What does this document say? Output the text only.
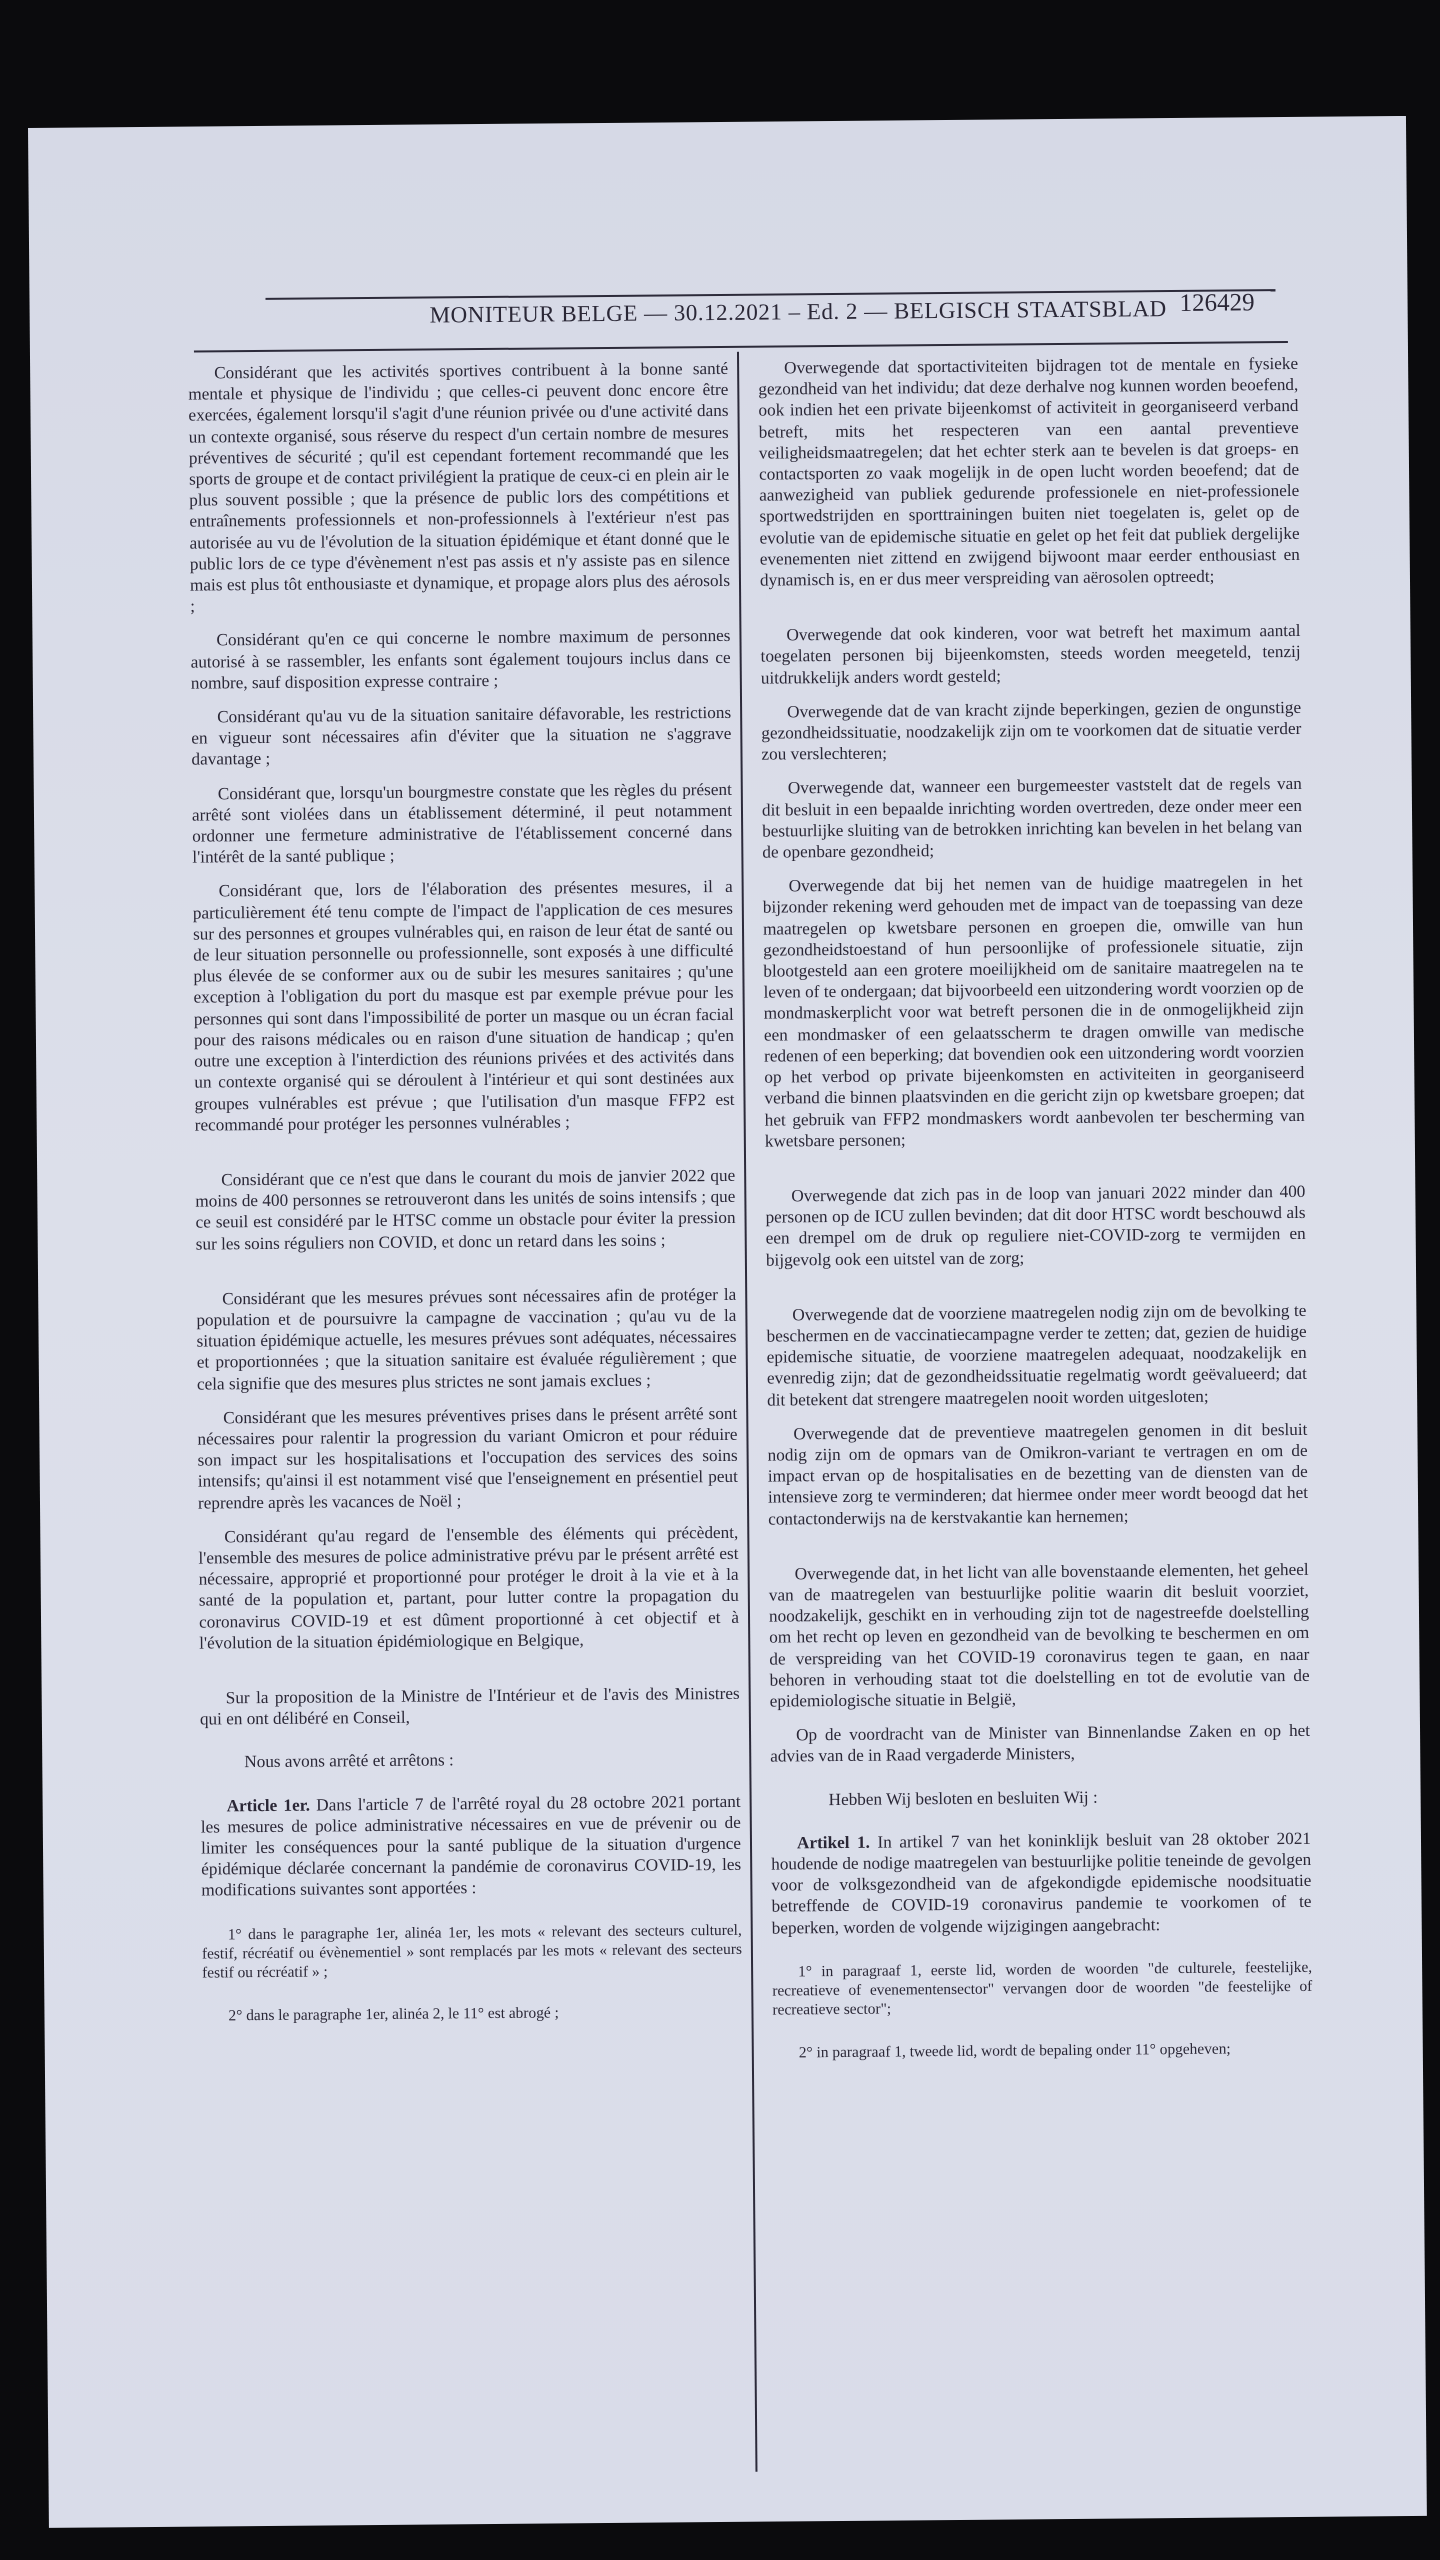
MONITEUR BELGE — 30.12.2021 – Ed. 2 — BELGISCH STAATSBLAD 126429

Considérant que les activités sportives contribuent à la bonne santé mentale et physique de l'individu ; que celles-ci peuvent donc encore être exercées, également lorsqu'il s'agit d'une réunion privée ou d'une activité dans un contexte organisé, sous réserve du respect d'un certain nombre de mesures préventives de sécurité ; qu'il est cependant fortement recommandé que les sports de groupe et de contact privilégient la pratique de ceux-ci en plein air le plus souvent possible ; que la présence de public lors des compétitions et entraînements professionnels et non-professionnels à l'extérieur n'est pas autorisée au vu de l'évolution de la situation épidémique et étant donné que le public lors de ce type d'évènement n'est pas assis et n'y assiste pas en silence mais est plus tôt enthousiaste et dynamique, et propage alors plus des aérosols ;

Considérant qu'en ce qui concerne le nombre maximum de personnes autorisé à se rassembler, les enfants sont également toujours inclus dans ce nombre, sauf disposition expresse contraire ;

Considérant qu'au vu de la situation sanitaire défavorable, les restrictions en vigueur sont nécessaires afin d'éviter que la situation ne s'aggrave davantage ;

Considérant que, lorsqu'un bourgmestre constate que les règles du présent arrêté sont violées dans un établissement déterminé, il peut notamment ordonner une fermeture administrative de l'établissement concerné dans l'intérêt de la santé publique ;

Considérant que, lors de l'élaboration des présentes mesures, il a particulièrement été tenu compte de l'impact de l'application de ces mesures sur des personnes et groupes vulnérables qui, en raison de leur état de santé ou de leur situation personnelle ou professionnelle, sont exposés à une difficulté plus élevée de se conformer aux ou de subir les mesures sanitaires ; qu'une exception à l'obligation du port du masque est par exemple prévue pour les personnes qui sont dans l'impossibilité de porter un masque ou un écran facial pour des raisons médicales ou en raison d'une situation de handicap ; qu'en outre une exception à l'interdiction des réunions privées et des activités dans un contexte organisé qui se déroulent à l'intérieur et qui sont destinées aux groupes vulnérables est prévue ; que l'utilisation d'un masque FFP2 est recommandé pour protéger les personnes vulnérables ;

Considérant que ce n'est que dans le courant du mois de janvier 2022 que moins de 400 personnes se retrouveront dans les unités de soins intensifs ; que ce seuil est considéré par le HTSC comme un obstacle pour éviter la pression sur les soins réguliers non COVID, et donc un retard dans les soins ;

Considérant que les mesures prévues sont nécessaires afin de protéger la population et de poursuivre la campagne de vaccination ; qu'au vu de la situation épidémique actuelle, les mesures prévues sont adéquates, nécessaires et proportionnées ; que la situation sanitaire est évaluée régulièrement ; que cela signifie que des mesures plus strictes ne sont jamais exclues ;

Considérant que les mesures préventives prises dans le présent arrêté sont nécessaires pour ralentir la progression du variant Omicron et pour réduire son impact sur les hospitalisations et l'occupation des services des soins intensifs; qu'ainsi il est notamment visé que l'enseignement en présentiel peut reprendre après les vacances de Noël ;

Considérant qu'au regard de l'ensemble des éléments qui précèdent, l'ensemble des mesures de police administrative prévu par le présent arrêté est nécessaire, approprié et proportionné pour protéger le droit à la vie et à la santé de la population et, partant, pour lutter contre la propagation du coronavirus COVID-19 et est dûment proportionné à cet objectif et à l'évolution de la situation épidémiologique en Belgique,

Sur la proposition de la Ministre de l'Intérieur et de l'avis des Ministres qui en ont délibéré en Conseil,

Nous avons arrêté et arrêtons :

Article 1er. Dans l'article 7 de l'arrêté royal du 28 octobre 2021 portant les mesures de police administrative nécessaires en vue de prévenir ou de limiter les conséquences pour la santé publique de la situation d'urgence épidémique déclarée concernant la pandémie de coronavirus COVID-19, les modifications suivantes sont apportées :

1° dans le paragraphe 1er, alinéa 1er, les mots « relevant des secteurs culturel, festif, récréatif ou évènementiel » sont remplacés par les mots « relevant des secteurs festif ou récréatif » ;

2° dans le paragraphe 1er, alinéa 2, le 11° est abrogé ;

Overwegende dat sportactiviteiten bijdragen tot de mentale en fysieke gezondheid van het individu; dat deze derhalve nog kunnen worden beoefend, ook indien het een private bijeenkomst of activiteit in georganiseerd verband betreft, mits het respecteren van een aantal preventieve veiligheidsmaatregelen; dat het echter sterk aan te bevelen is dat groeps- en contactsporten zo vaak mogelijk in de open lucht worden beoefend; dat de aanwezigheid van publiek gedurende professionele en niet-professionele sportwedstrijden en sporttrainingen buiten niet toegelaten is, gelet op de evolutie van de epidemische situatie en gelet op het feit dat publiek dergelijke evenementen niet zittend en zwijgend bijwoont maar eerder enthousiast en dynamisch is, en er dus meer verspreiding van aërosolen optreedt;

Overwegende dat ook kinderen, voor wat betreft het maximum aantal toegelaten personen bij bijeenkomsten, steeds worden meegeteld, tenzij uitdrukkelijk anders wordt gesteld;

Overwegende dat de van kracht zijnde beperkingen, gezien de ongunstige gezondheidssituatie, noodzakelijk zijn om te voorkomen dat de situatie verder zou verslechteren;

Overwegende dat, wanneer een burgemeester vaststelt dat de regels van dit besluit in een bepaalde inrichting worden overtreden, deze onder meer een bestuurlijke sluiting van de betrokken inrichting kan bevelen in het belang van de openbare gezondheid;

Overwegende dat bij het nemen van de huidige maatregelen in het bijzonder rekening werd gehouden met de impact van de toepassing van deze maatregelen op kwetsbare personen en groepen die, omwille van hun gezondheidstoestand of hun persoonlijke of professionele situatie, zijn blootgesteld aan een grotere moeilijkheid om de sanitaire maatregelen na te leven of te ondergaan; dat bijvoorbeeld een uitzondering wordt voorzien op de mondmaskerplicht voor wat betreft personen die in de onmogelijkheid zijn een mondmasker of een gelaatsscherm te dragen omwille van medische redenen of een beperking; dat bovendien ook een uitzondering wordt voorzien op het verbod op private bijeenkomsten en activiteiten in georganiseerd verband die binnen plaatsvinden en die gericht zijn op kwetsbare groepen; dat het gebruik van FFP2 mondmaskers wordt aanbevolen ter bescherming van kwetsbare personen;

Overwegende dat zich pas in de loop van januari 2022 minder dan 400 personen op de ICU zullen bevinden; dat dit door HTSC wordt beschouwd als een drempel om de druk op reguliere niet-COVID-zorg te vermijden en bijgevolg ook een uitstel van de zorg;

Overwegende dat de voorziene maatregelen nodig zijn om de bevolking te beschermen en de vaccinatiecampagne verder te zetten; dat, gezien de huidige epidemische situatie, de voorziene maatregelen adequaat, noodzakelijk en evenredig zijn; dat de gezondheidssituatie regelmatig wordt geëvalueerd; dat dit betekent dat strengere maatregelen nooit worden uitgesloten;

Overwegende dat de preventieve maatregelen genomen in dit besluit nodig zijn om de opmars van de Omikron-variant te vertragen en om de impact ervan op de hospitalisaties en de bezetting van de diensten van de intensieve zorg te verminderen; dat hiermee onder meer wordt beoogd dat het contactonderwijs na de kerstvakantie kan hernemen;

Overwegende dat, in het licht van alle bovenstaande elementen, het geheel van de maatregelen van bestuurlijke politie waarin dit besluit voorziet, noodzakelijk, geschikt en in verhouding zijn tot de nagestreefde doelstelling om het recht op leven en gezondheid van de bevolking te beschermen en om de verspreiding van het COVID-19 coronavirus tegen te gaan, en naar behoren in verhouding staat tot die doelstelling en tot de evolutie van de epidemiologische situatie in België,

Op de voordracht van de Minister van Binnenlandse Zaken en op het advies van de in Raad vergaderde Ministers,

Hebben Wij besloten en besluiten Wij :

Artikel 1. In artikel 7 van het koninklijk besluit van 28 oktober 2021 houdende de nodige maatregelen van bestuurlijke politie teneinde de gevolgen voor de volksgezondheid van de afgekondigde epidemische noodsituatie betreffende de COVID-19 coronavirus pandemie te voorkomen of te beperken, worden de volgende wijzigingen aangebracht:

1° in paragraaf 1, eerste lid, worden de woorden "de culturele, feestelijke, recreatieve of evenementensector" vervangen door de woorden "de feestelijke of recreatieve sector";

2° in paragraaf 1, tweede lid, wordt de bepaling onder 11° opgeheven;
